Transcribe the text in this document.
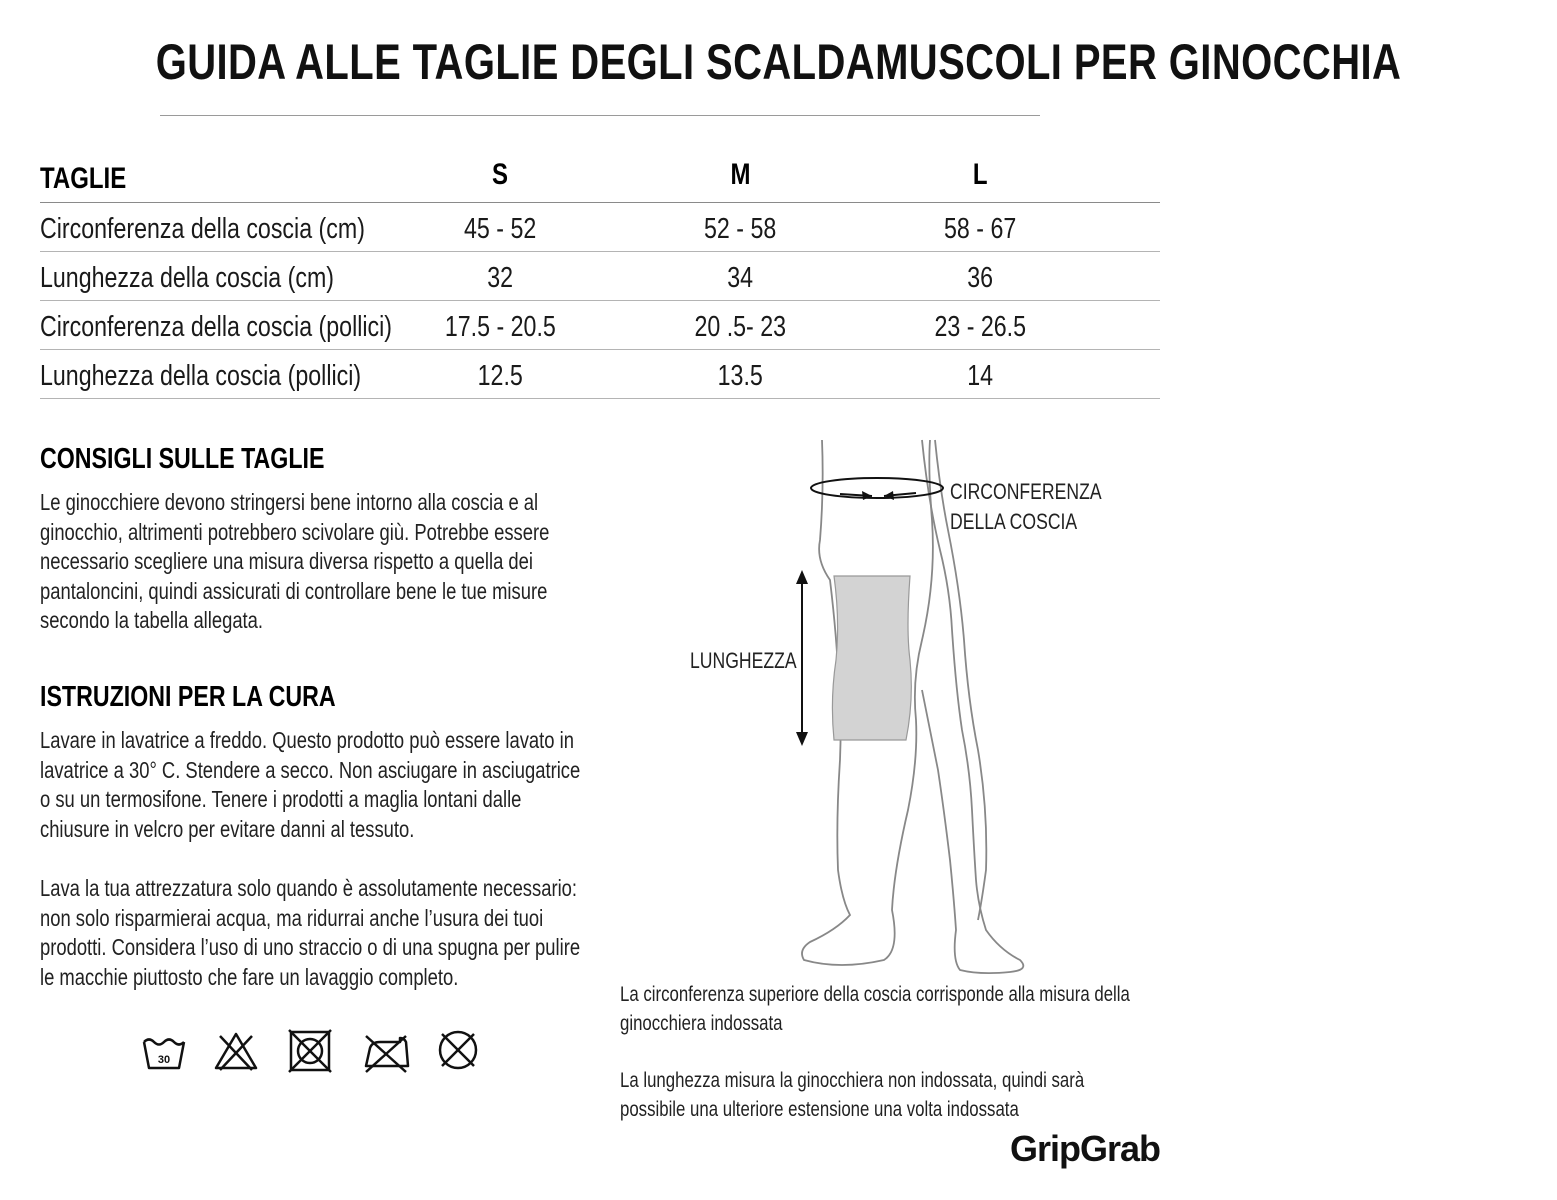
GUIDA ALLE TAGLIE DEGLI SCALDAMUSCOLI PER GINOCCHIA
TAGLIE	S	M	L
Circonferenza della coscia (cm)	45 - 52	52 - 58	58 - 67
Lunghezza della coscia (cm)	32	34	36
Circonferenza della coscia (pollici)	17.5 - 20.5	20 .5- 23	23 - 26.5
Lunghezza della coscia (pollici)	12.5	13.5	14
CONSIGLI SULLE TAGLIE
Le ginocchiere devono stringersi bene intorno alla coscia e al
ginocchio, altrimenti potrebbero scivolare giù. Potrebbe essere
necessario scegliere una misura diversa rispetto a quella dei
pantaloncini, quindi assicurati di controllare bene le tue misure
secondo la tabella allegata.
ISTRUZIONI PER LA CURA
Lavare in lavatrice a freddo. Questo prodotto può essere lavato in
lavatrice a 30° C. Stendere a secco. Non asciugare in asciugatrice
o su un termosifone. Tenere i prodotti a maglia lontani dalle
chiusure in velcro per evitare danni al tessuto.
Lava la tua attrezzatura solo quando è assolutamente necessario:
non solo risparmierai acqua, ma ridurrai anche l’usura dei tuoi
prodotti. Considera l’uso di uno straccio o di una spugna per pulire
le macchie piuttosto che fare un lavaggio completo.
30
CIRCONFERENZA
DELLA COSCIA
LUNGHEZZA
La circonferenza superiore della coscia corrisponde alla misura della
ginocchiera indossata
La lunghezza misura la ginocchiera non indossata, quindi sarà
possibile una ulteriore estensione una volta indossata
GripGrab
